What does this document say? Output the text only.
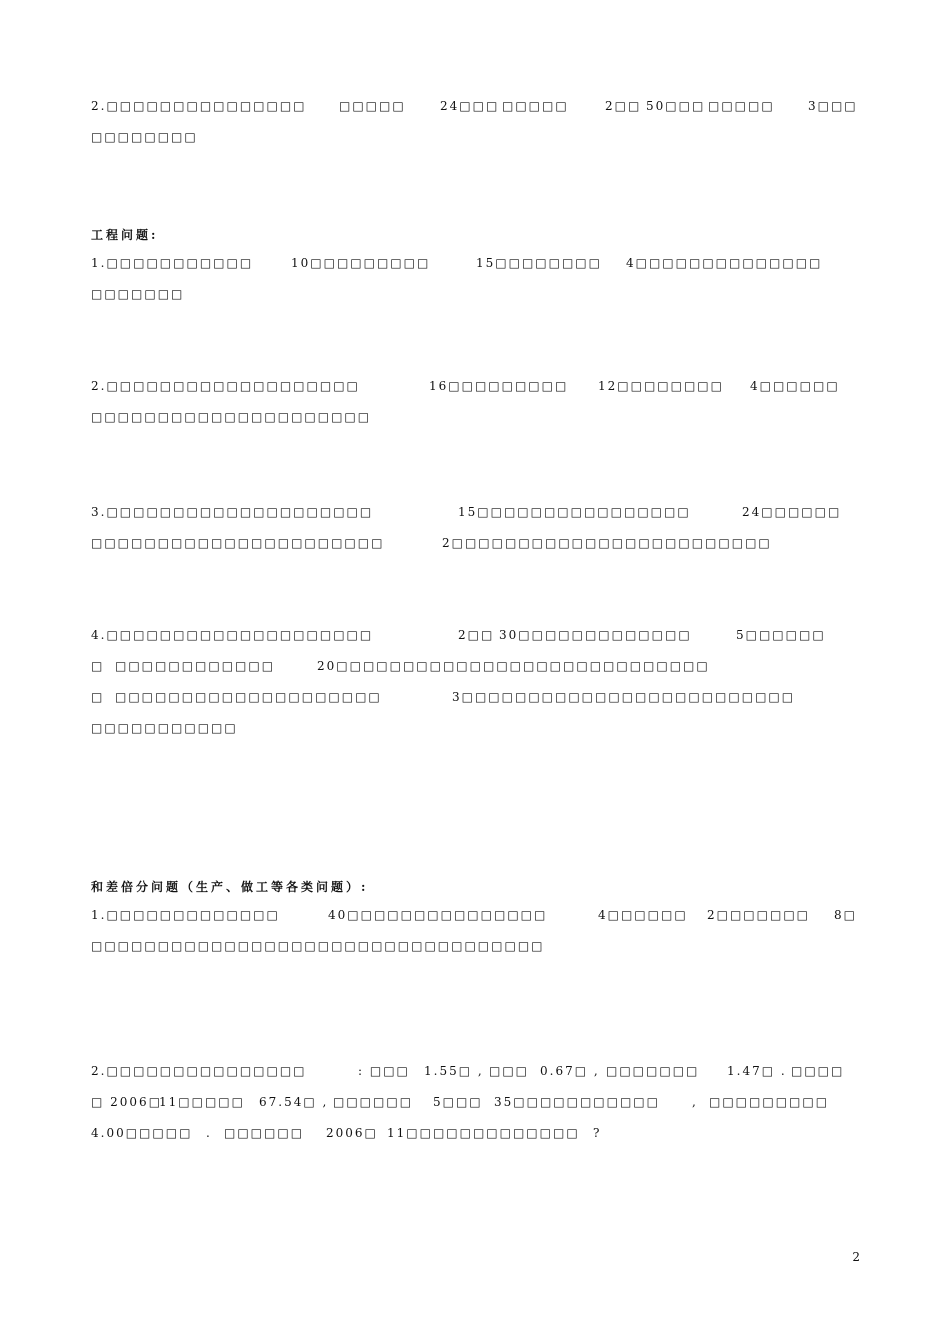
2.□□□□□□□□□□□□□□□	□□□□□	24□□□ □□□□□	2□□ 50□□□ □□□□□	3□□□
□□□□□□□□
工程问题:
1.□□□□□□□□□□□	10□□□□□□□□□	15□□□□□□□□ 4□□□□□□□□□□□□□□
□□□□□□□
2.□□□□□□□□□□□□□□□□□□□	16□□□□□□□□□ 12□□□□□□□□ 4□□□□□□
□□□□□□□□□□□□□□□□□□□□□
3.□□□□□□□□□□□□□□□□□□□□	15□□□□□□□□□□□□□□□□	24□□□□□□
□□□□□□□□□□□□□□□□□□□□□□	2□□□□□□□□□□□□□□□□□□□□□□□□
4.□□□□□□□□□□□□□□□□□□□□	2□□ 30□□□□□□□□□□□□□	5□□□□□□
□ □□□□□□□□□□□□	20□□□□□□□□□□□□□□□□□□□□□□□□□□□□
□ □□□□□□□□□□□□□□□□□□□□	3□□□□□□□□□□□□□□□□□□□□□□□□□
□□□□□□□□□□□
和差倍分问题（生产、做工等各类问题）:
1.□□□□□□□□□□□□□	40□□□□□□□□□□□□□□□	4□□□□□□ 2□□□□□□□ 8□
□□□□□□□□□□□□□□□□□□□□□□□□□□□□□□□□□□
2.□□□□□□□□□□□□□□□	: □□□ 1.55□ , □□□ 0.67□ , □□□□□□□ 1.47□ . □□□□
□ 2006□
11□□□□□ 67.54□ , □□□□□□ 5□□□ 35□□□□□□□□□□□	, □□□□□□□□□
4.00□□□□□ . □□□□□□ 2006□ 11□□□□□□□□□□□□□ ?
2
